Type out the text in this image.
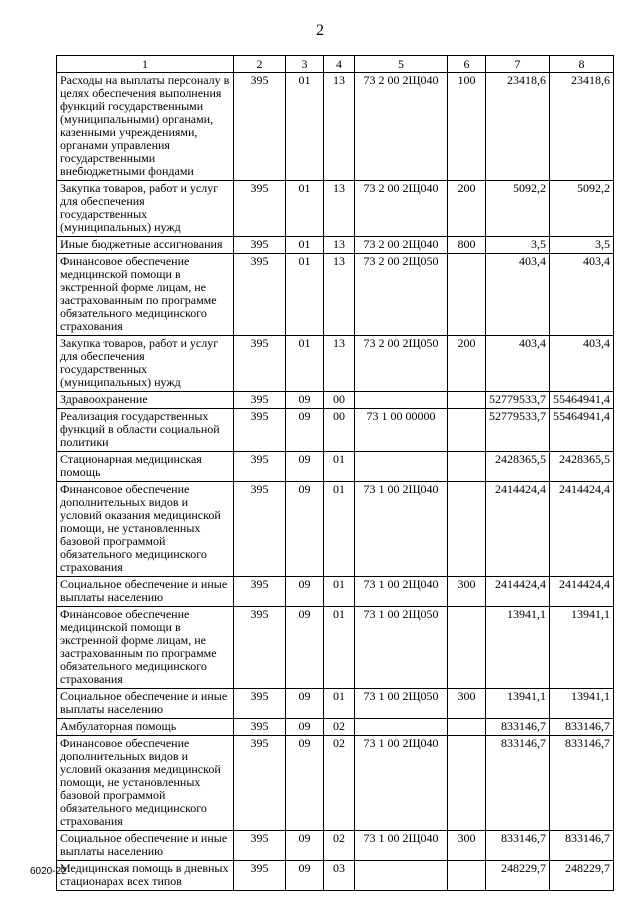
2
1	2	3	4	5	6	7	8
Расходы на выплаты персоналу в целях обеспечения выполнения функций государственными (муниципальными) органами, казенными учреждениями, органами управления государственными внебюджетными фондами	395	01	13	73 2 00 2Щ040	100	23418,6	23418,6
Закупка товаров, работ и услуг для обеспечения государственных (муниципальных) нужд	395	01	13	73 2 00 2Щ040	200	5092,2	5092,2
Иные бюджетные ассигнования	395	01	13	73 2 00 2Щ040	800	3,5	3,5
Финансовое обеспечение медицинской помощи в экстренной форме лицам, не застрахованным по программе обязательного медицинского страхования	395	01	13	73 2 00 2Щ050		403,4	403,4
Закупка товаров, работ и услуг для обеспечения государственных (муниципальных) нужд	395	01	13	73 2 00 2Щ050	200	403,4	403,4
Здравоохранение	395	09	00			52779533,7	55464941,4
Реализация государственных функций в области социальной политики	395	09	00	73 1 00 00000		52779533,7	55464941,4
Стационарная медицинская помощь	395	09	01			2428365,5	2428365,5
Финансовое обеспечение дополнительных видов и условий оказания медицинской помощи, не установленных базовой программой обязательного медицинского страхования	395	09	01	73 1 00 2Щ040		2414424,4	2414424,4
Социальное обеспечение и иные выплаты населению	395	09	01	73 1 00 2Щ040	300	2414424,4	2414424,4
Финансовое обеспечение медицинской помощи в экстренной форме лицам, не застрахованным по программе обязательного медицинского страхования	395	09	01	73 1 00 2Щ050		13941,1	13941,1
Социальное обеспечение и иные выплаты населению	395	09	01	73 1 00 2Щ050	300	13941,1	13941,1
Амбулаторная помощь	395	09	02			833146,7	833146,7
Финансовое обеспечение дополнительных видов и условий оказания медицинской помощи, не установленных базовой программой обязательного медицинского страхования	395	09	02	73 1 00 2Щ040		833146,7	833146,7
Социальное обеспечение и иные выплаты населению	395	09	02	73 1 00 2Щ040	300	833146,7	833146,7
Медицинская помощь в дневных стационарах всех типов	395	09	03			248229,7	248229,7
6020-22
